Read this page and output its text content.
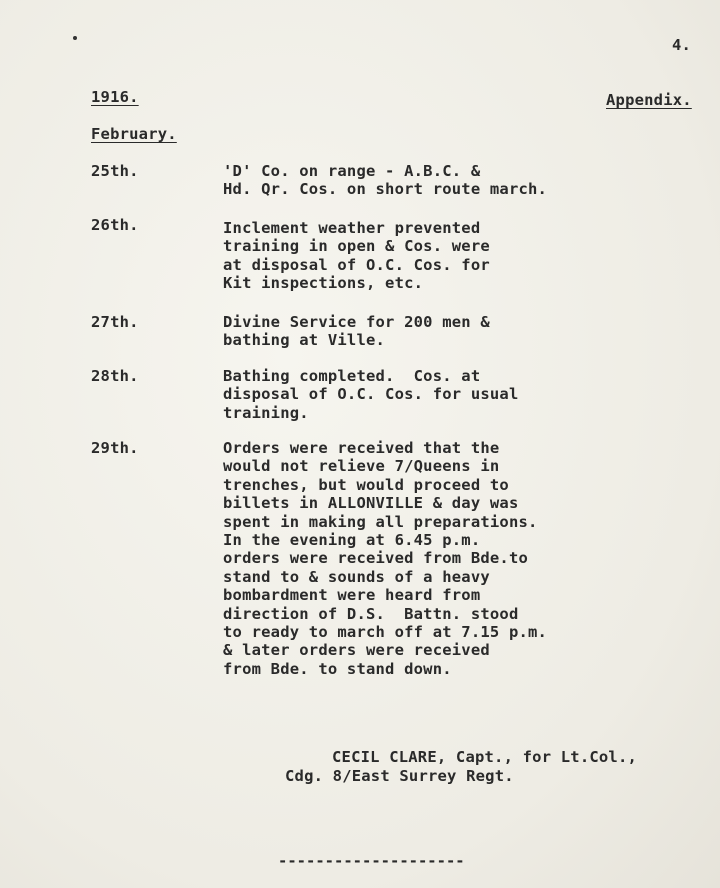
4.
1916.	Appendix.
February.
25th.	'D' Co. on range - A.B.C. &
Hd. Qr. Cos. on short route march.
26th.	Inclement weather prevented
training in open & Cos. were
at disposal of O.C. Cos. for
Kit inspections, etc.
27th.	Divine Service for 200 men &
bathing at Ville.
28th.	Bathing completed.  Cos. at
disposal of O.C. Cos. for usual
training.
29th.	Orders were received that the
would not relieve 7/Queens in
trenches, but would proceed to
billets in ALLONVILLE & day was
spent in making all preparations.
In the evening at 6.45 p.m.
orders were received from Bde.to
stand to & sounds of a heavy
bombardment were heard from
direction of D.S.  Battn. stood
to ready to march off at 7.15 p.m.
& later orders were received
from Bde. to stand down.
CECIL CLARE, Capt., for Lt.Col.,
Cdg. 8/East Surrey Regt.
--------------------
